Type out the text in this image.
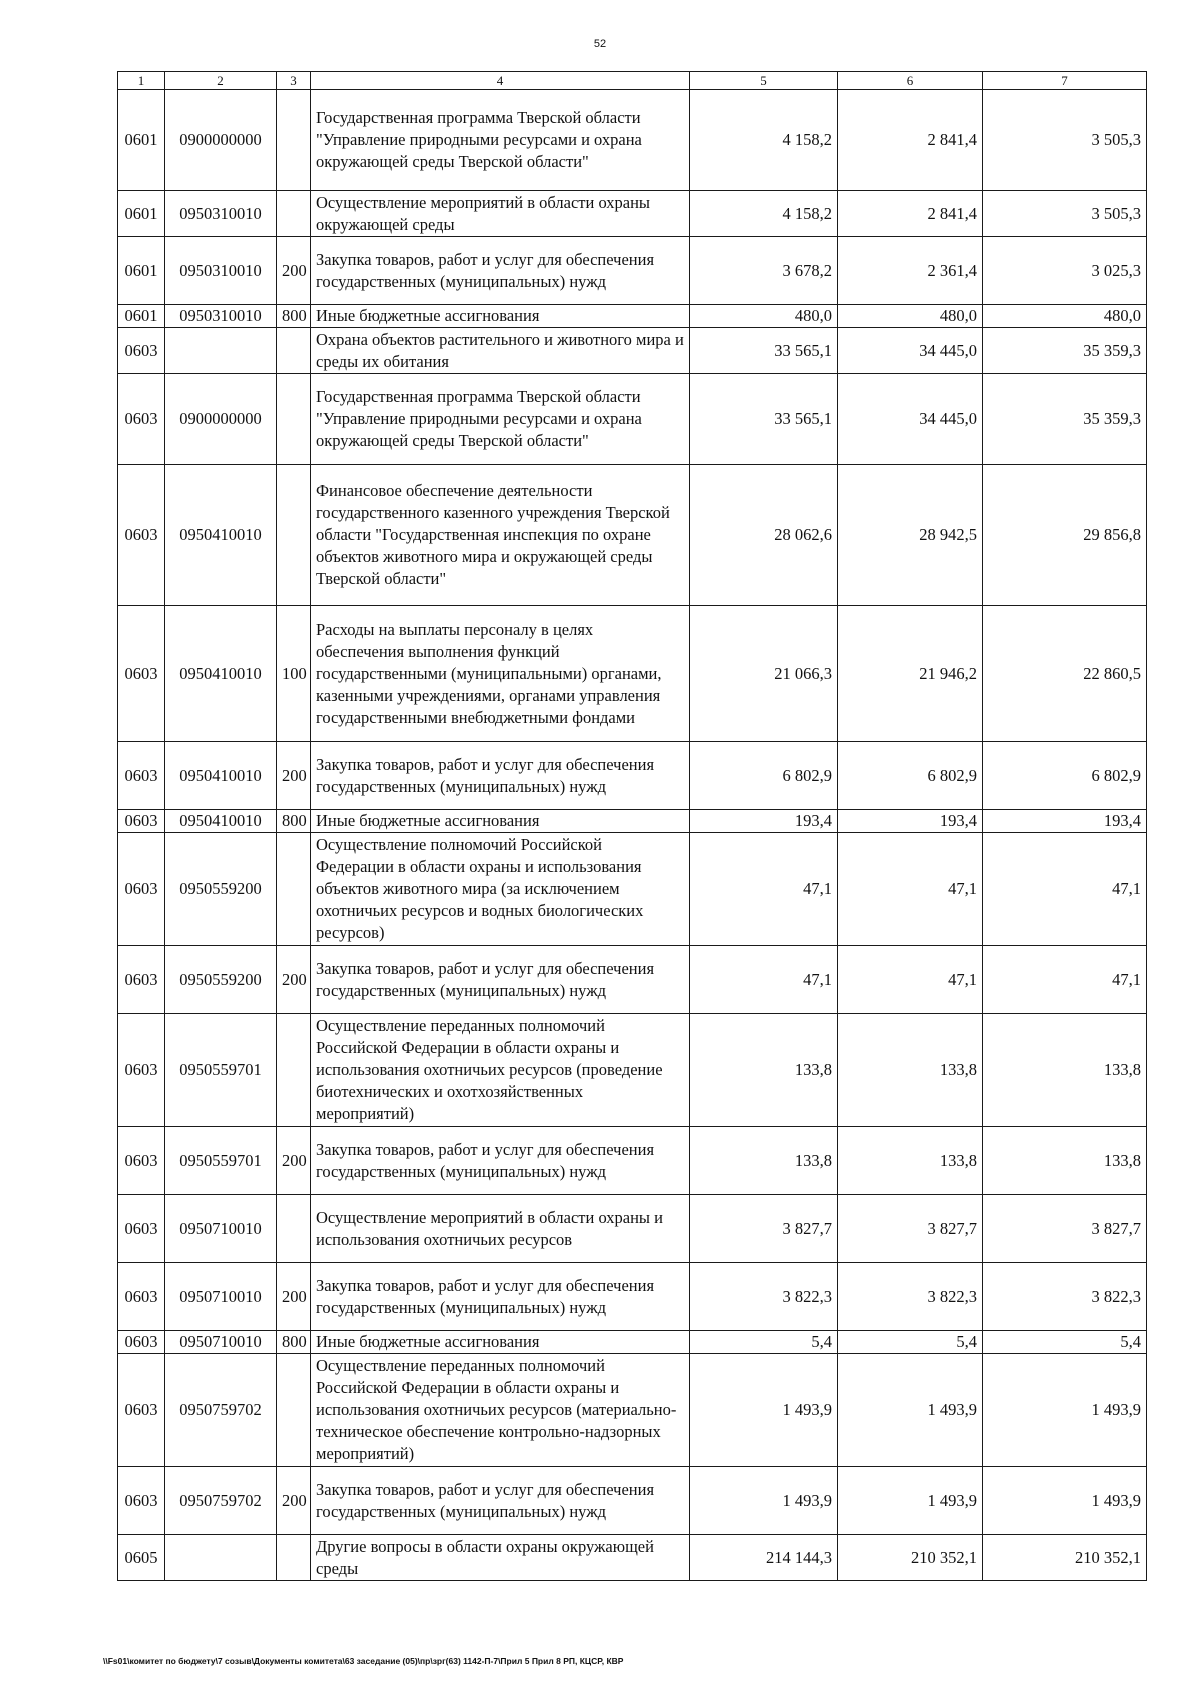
52
1	2	3	4	5	6	7
0601	0900000000		Государственная программа Тверской области "Управление природными ресурсами и охрана окружающей среды Тверской области"	4 158,2	2 841,4	3 505,3
0601	0950310010		Осуществление мероприятий в области охраны окружающей среды	4 158,2	2 841,4	3 505,3
0601	0950310010	200	Закупка товаров, работ и услуг для обеспечения государственных (муниципальных) нужд	3 678,2	2 361,4	3 025,3
0601	0950310010	800	Иные бюджетные ассигнования	480,0	480,0	480,0
0603			Охрана объектов растительного и животного мира и среды их обитания	33 565,1	34 445,0	35 359,3
0603	0900000000		Государственная программа Тверской области "Управление природными ресурсами и охрана окружающей среды Тверской области"	33 565,1	34 445,0	35 359,3
0603	0950410010		Финансовое обеспечение деятельности государственного казенного учреждения Тверской области "Государственная инспекция по охране объектов животного мира и окружающей среды Тверской области"	28 062,6	28 942,5	29 856,8
0603	0950410010	100	Расходы на выплаты персоналу в целях обеспечения выполнения функций государственными (муниципальными) органами, казенными учреждениями, органами управления государственными внебюджетными фондами	21 066,3	21 946,2	22 860,5
0603	0950410010	200	Закупка товаров, работ и услуг для обеспечения государственных (муниципальных) нужд	6 802,9	6 802,9	6 802,9
0603	0950410010	800	Иные бюджетные ассигнования	193,4	193,4	193,4
0603	0950559200		Осуществление полномочий Российской Федерации в области охраны и использования объектов животного мира (за исключением охотничьих ресурсов и водных биологических ресурсов)	47,1	47,1	47,1
0603	0950559200	200	Закупка товаров, работ и услуг для обеспечения государственных (муниципальных) нужд	47,1	47,1	47,1
0603	0950559701		Осуществление переданных полномочий Российской Федерации в области охраны и использования охотничьих ресурсов (проведение биотехнических и охотхозяйственных мероприятий)	133,8	133,8	133,8
0603	0950559701	200	Закупка товаров, работ и услуг для обеспечения государственных (муниципальных) нужд	133,8	133,8	133,8
0603	0950710010		Осуществление мероприятий в области охраны и использования охотничьих ресурсов	3 827,7	3 827,7	3 827,7
0603	0950710010	200	Закупка товаров, работ и услуг для обеспечения государственных (муниципальных) нужд	3 822,3	3 822,3	3 822,3
0603	0950710010	800	Иные бюджетные ассигнования	5,4	5,4	5,4
0603	0950759702		Осуществление переданных полномочий Российской Федерации в области охраны и использования охотничьих ресурсов (материально-техническое обеспечение контрольно-надзорных мероприятий)	1 493,9	1 493,9	1 493,9
0603	0950759702	200	Закупка товаров, работ и услуг для обеспечения государственных (муниципальных) нужд	1 493,9	1 493,9	1 493,9
0605			Другие вопросы в области охраны окружающей среды	214 144,3	210 352,1	210 352,1
\\Fs01\комитет по бюджету\7 созыв\Документы комитета\63 заседание (05)\пр\зрг(63) 1142-П-7\Прил 5 Прил 8 РП, КЦСР, КВР
